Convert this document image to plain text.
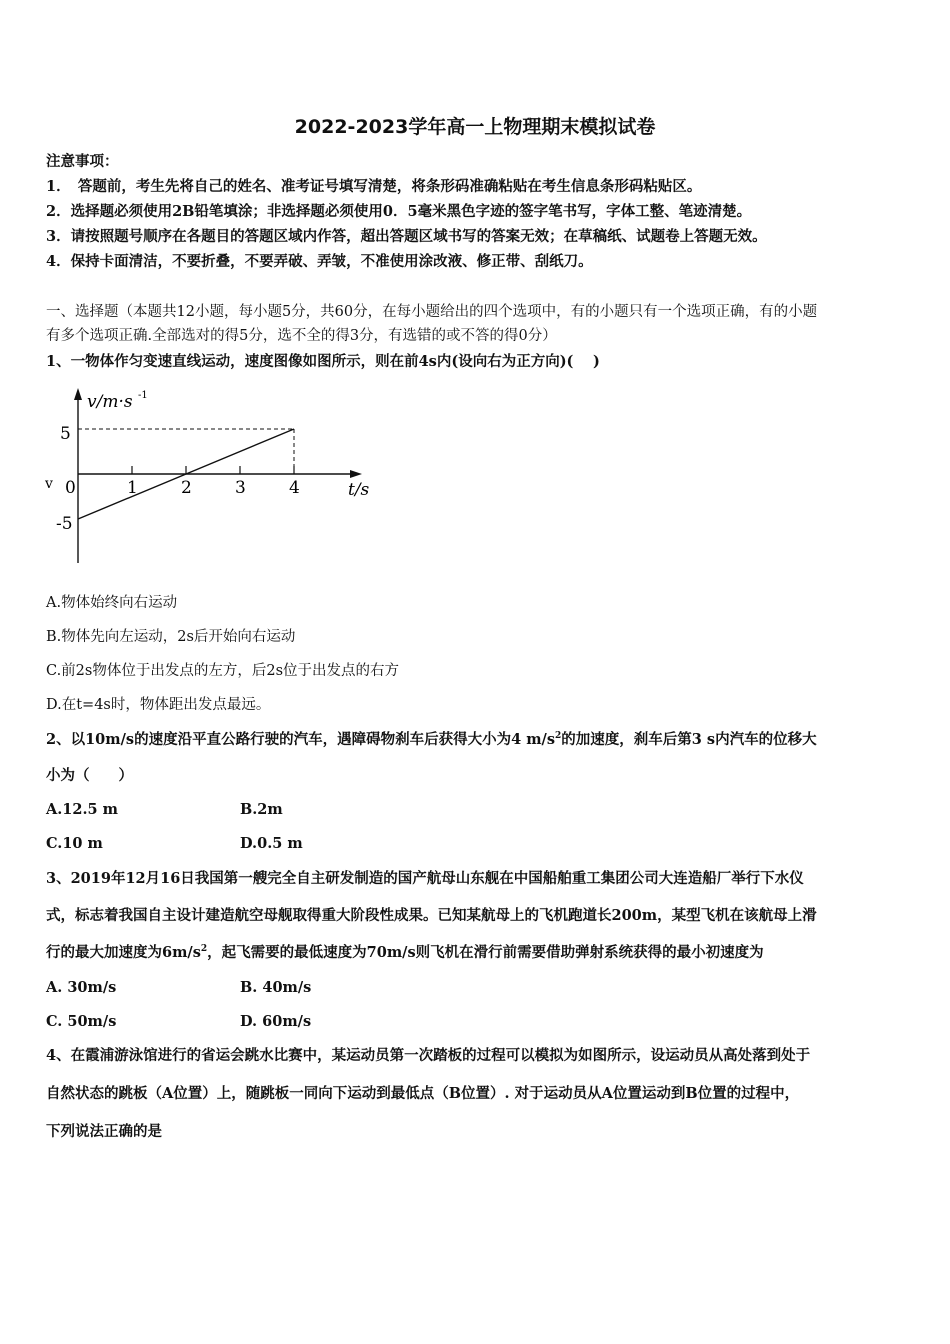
2022-2023学年高一上物理期末模拟试卷
注意事项：
1．　答题前，考生先将自己的姓名、准考证号填写清楚，将条形码准确粘贴在考生信息条形码粘贴区。
2．选择题必须使用2B铅笔填涂；非选择题必须使用0．5毫米黑色字迹的签字笔书写，字体工整、笔迹清楚。
3．请按照题号顺序在各题目的答题区域内作答，超出答题区域书写的答案无效；在草稿纸、试题卷上答题无效。
4．保持卡面清洁，不要折叠，不要弄破、弄皱，不准使用涂改液、修正带、刮纸刀。
一、选择题（本题共12小题，每小题5分，共60分，在每小题给出的四个选项中，有的小题只有一个选项正确，有的小题
有多个选项正确.全部选对的得5分，选不全的得3分，有选错的或不答的得0分）
1、一物体作匀变速直线运动，速度图像如图所示，则在前4s内(设向右为正方向)(　 )
v/m·s -1
t/s
v 0
5
-5
1	2	3	4
A.物体始终向右运动
B.物体先向左运动，2s后开始向右运动
C.前2s物体位于出发点的左方，后2s位于出发点的右方
D.在t=4s时，物体距出发点最远。
2、以10m/s的速度沿平直公路行驶的汽车，遇障碍物刹车后获得大小为4 $m/s^2$的加速度，刹车后第3 s内汽车的位移大
小为（　　）
A.12.5 m	B.2m
C.10 m	D.0.5 m
3、2019年12月16日我国第一艘完全自主研发制造的国产航母山东舰在中国船舶重工集团公司大连造船厂举行下水仪
式，标志着我国自主设计建造航空母舰取得重大阶段性成果。已知某航母上的飞机跑道长200m，某型飞机在该航母上滑
行的最大加速度为$6m/s^2$，起飞需要的最低速度为70m/s则飞机在滑行前需要借助弹射系统获得的最小初速度为
A. 30m/s	B. 40m/s
C. 50m/s	D. 60m/s
4、在霞浦游泳馆进行的省运会跳水比赛中，某运动员第一次踏板的过程可以模拟为如图所示，设运动员从高处落到处于
自然状态的跳板（A位置）上，随跳板一同向下运动到最低点（B位置）. 对于运动员从A位置运动到B位置的过程中，
下列说法正确的是
